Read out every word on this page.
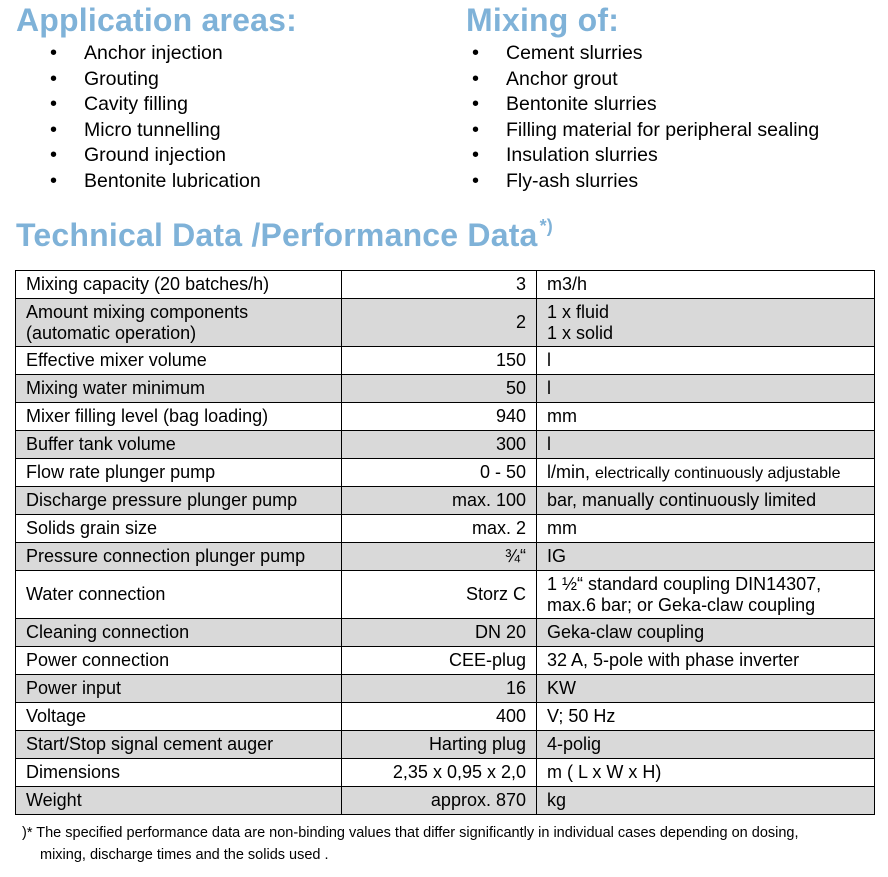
Application areas:	Mixing of:
• Anchor injection
• Grouting
• Cavity filling
• Micro tunnelling
• Ground injection
• Bentonite lubrication
• Cement slurries
• Anchor grout
• Bentonite slurries
• Filling material for peripheral sealing
• Insulation slurries
• Fly-ash slurries
Technical Data /Performance Data *)
Mixing capacity (20 batches/h)	3	m3/h
Amount mixing components
(automatic operation)	2	1 x fluid
1 x solid
Effective mixer volume	150	l
Mixing water minimum	50	l
Mixer filling level (bag loading)	940	mm
Buffer tank volume	300	l
Flow rate plunger pump	0 - 50	l/min, electrically continuously adjustable
Discharge pressure plunger pump	max. 100	bar, manually continuously limited
Solids grain size	max. 2	mm
Pressure connection plunger pump	¾“	IG
Water connection	Storz C	1 ½“ standard coupling DIN14307,
max.6 bar; or Geka-claw coupling
Cleaning connection	DN 20	Geka-claw coupling
Power connection	CEE-plug	32 A, 5-pole with phase inverter
Power input	16	KW
Voltage	400	V; 50 Hz
Start/Stop signal cement auger	Harting plug	4-polig
Dimensions	2,35 x 0,95 x 2,0	m ( L x W x H)
Weight	approx. 870	kg
)* The specified performance data are non-binding values that differ significantly in individual cases depending on dosing,
mixing, discharge times and the solids used .
